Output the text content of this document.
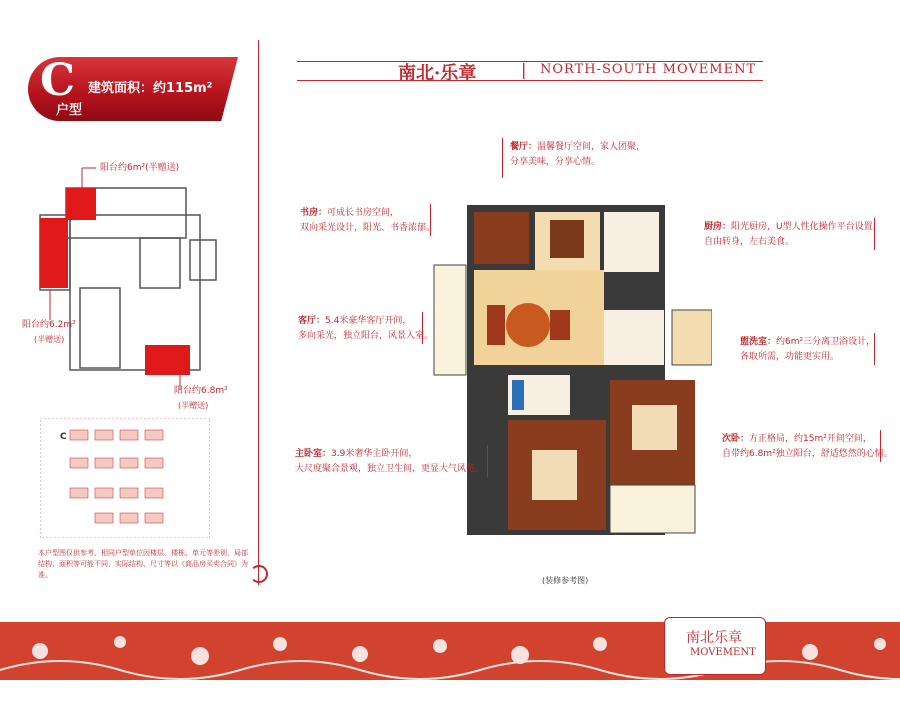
C 建筑面积：约115m²
户型
南北·乐章	| NORTH-SOUTH MOVEMENT
阳台约6m²(半赠送)
阳台约6.2m²
(半赠送)
阳台约6.8m²
(半赠送)
C
本户型图仅供参考，相同户型单位因楼层、楼栋、单元等差别，局部结构、面积等可能不同，实际结构、尺寸等以《商品房买卖合同》为准。
(装修参考图)
餐厅：温馨餐厅空间，家人团聚，
分享美味，分享心情。
书房：可成长书房空间，
双向采光设计，阳光、书香浓郁。	厨房：阳光厨房，U型人性化操作平台设置，
自由转身，左右美食。
客厅：5.4米豪华客厅开间，
多向采光，独立阳台，风景入室。
盥洗室：约6m²三分离卫浴设计，
各取所需，功能更实用。
主卧室：3.9米奢华主卧开间，
大尺度聚合景观，独立卫生间，更显大气风范。
次卧：方正格局，约15m²开间空间，
自带约6.8m²独立阳台，舒适悠然的心情。
南北乐章
MOVEMENT
